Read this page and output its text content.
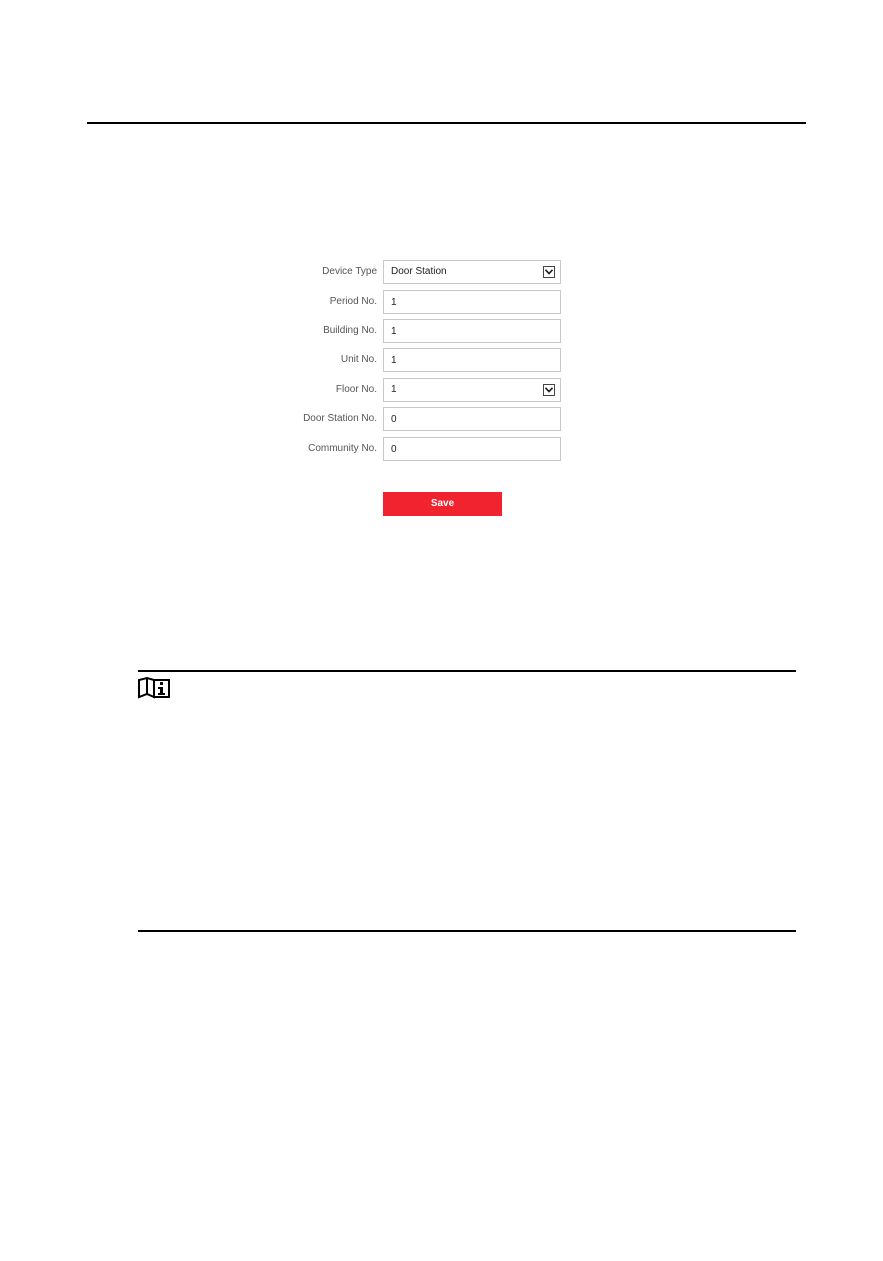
Device Type Door Station
Period No.
1
Building No.
1
Unit No.
1
Floor No. 1
Door Station No.
0
Community No.
0
Save
